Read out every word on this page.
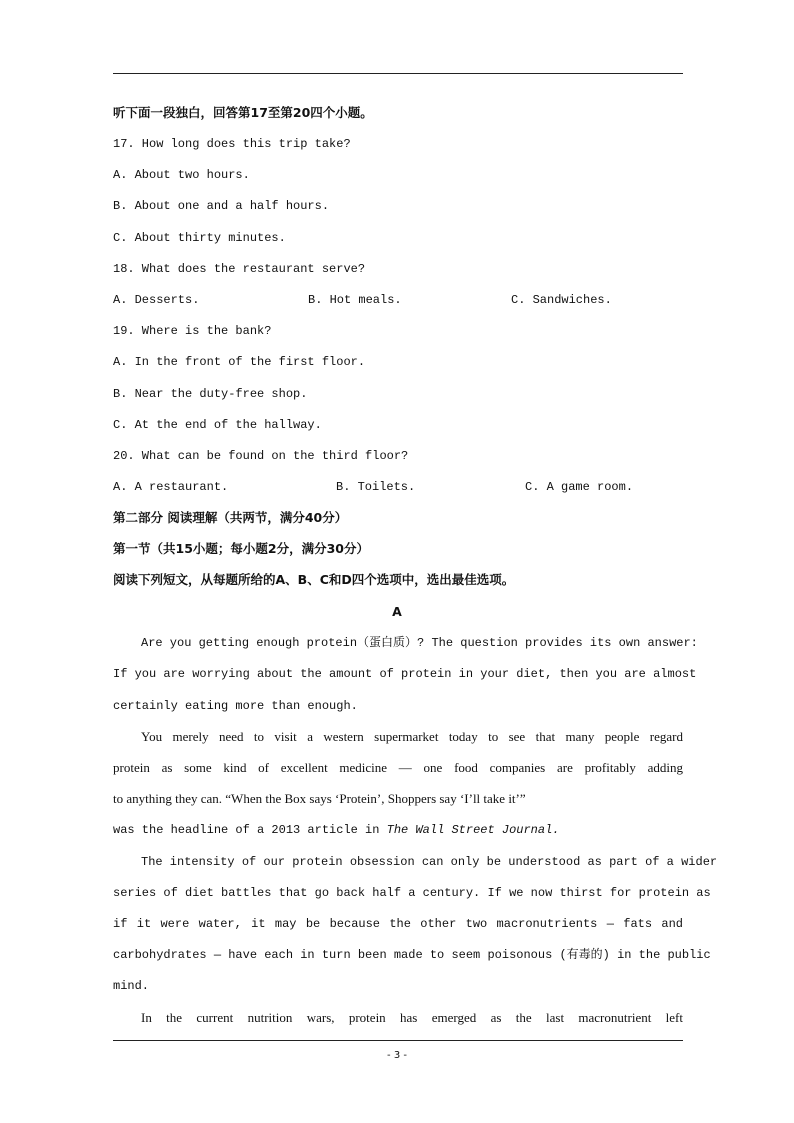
听下面一段独白，回答第17至第20四个小题。
17. How long does this trip take?
A. About two hours.
B. About one and a half hours.
C. About thirty minutes.
18. What does the restaurant serve?
A. Desserts.	B. Hot meals.	C. Sandwiches.
19. Where is the bank?
A. In the front of the first floor.
B. Near the duty-free shop.
C. At the end of the hallway.
20. What can be found on the third floor?
A. A restaurant.	B. Toilets.	C. A game room.
第二部分 阅读理解（共两节，满分40分）
第一节（共15小题；每小题2分，满分30分）
阅读下列短文，从每题所给的A、B、C和D四个选项中，选出最佳选项。
A
Are you getting enough protein（蛋白质）? The question provides its own answer:
If you are worrying about the amount of protein in your diet, then you are almost
certainly eating more than enough.
You merely need to visit a western supermarket today to see that many people regard
protein as some kind of excellent medicine — one food companies are profitably adding
to anything they can. “When the Box says ‘Protein’, Shoppers say ‘I’ll take it’”
was the headline of a 2013 article in The Wall Street Journal.
The intensity of our protein obsession can only be understood as part of a wider
series of diet battles that go back half a century. If we now thirst for protein as
if it were water, it may be because the other two macronutrients — fats and
carbohydrates — have each in turn been made to seem poisonous (有毒的) in the public
mind.
In the current nutrition wars, protein has emerged as the last macronutrient left
- 3 -
